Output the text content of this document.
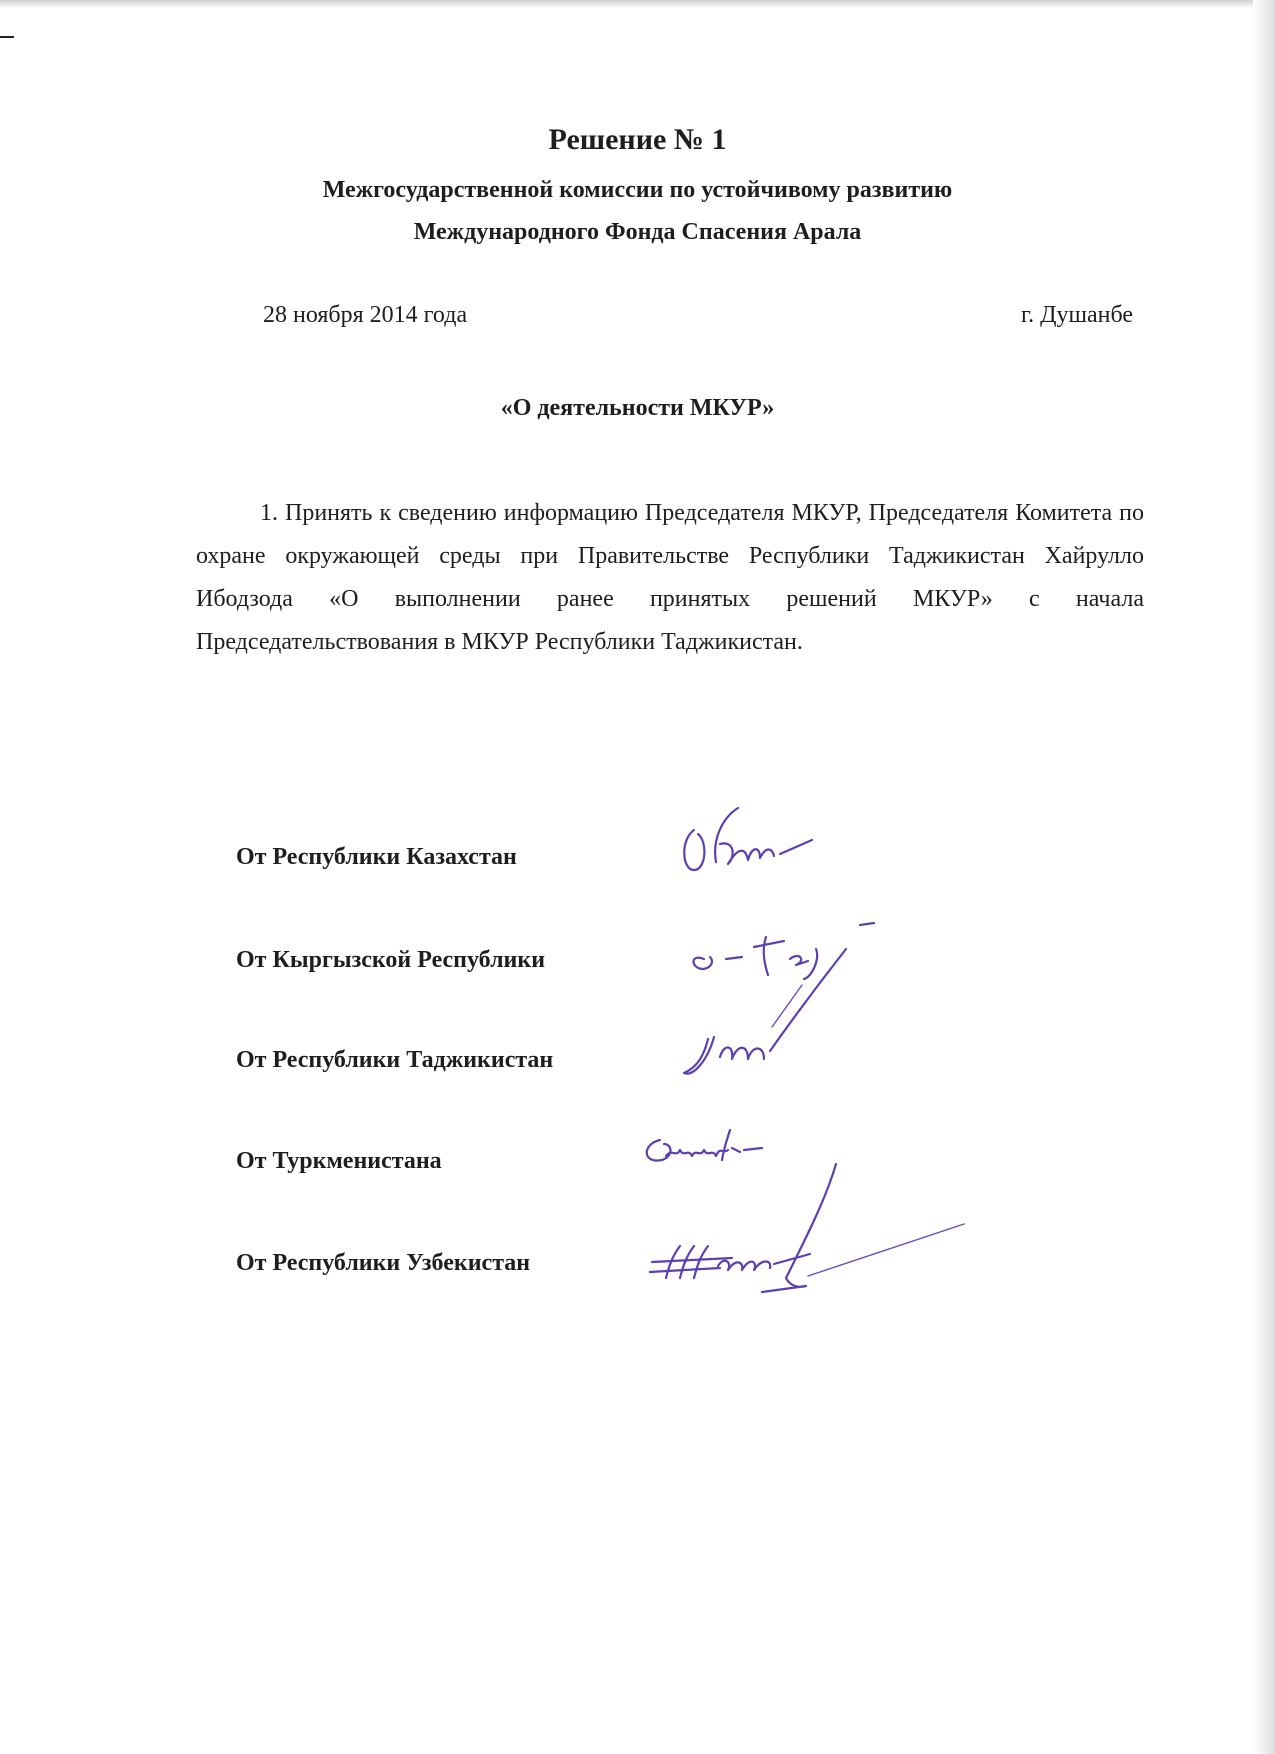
Решение № 1

Межгосударственной комиссии по устойчивому развитию

Международного Фонда Спасения Арала

28 ноября 2014 года	г. Душанбе

«О деятельности МКУР»

1. Принять к сведению информацию Председателя МКУР, Председателя Комитета по охране окружающей среды при Правительстве Республики Таджикистан Хайрулло Ибодзода «О выполнении ранее принятых решений МКУР» с начала Председательствования в МКУР Республики Таджикистан.

От Республики Казахстан
От Кыргызской Республики
От Республики Таджикистан
От Туркменистана
От Республики Узбекистан
